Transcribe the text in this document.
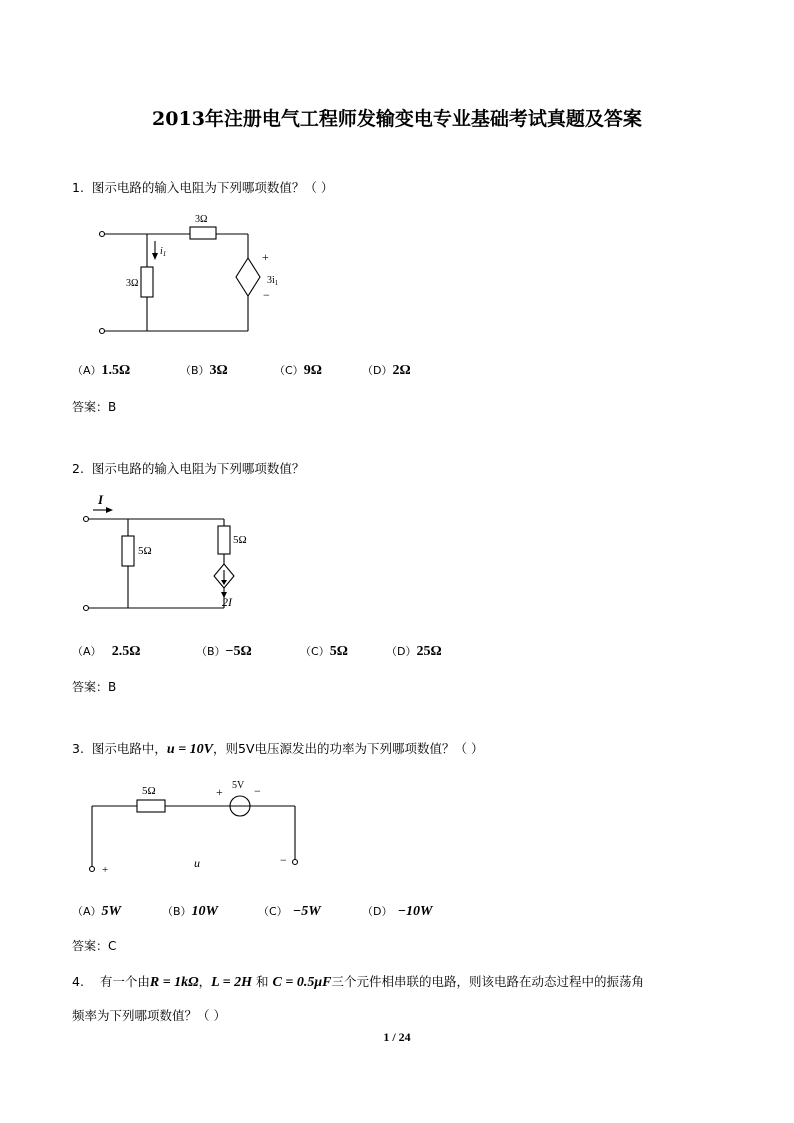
2013年注册电气工程师发输变电专业基础考试真题及答案
1. 图示电路的输入电阻为下列哪项数值？（ ）
3Ω
3Ω
$i_1$	+
$3i_1$
−
（A）1.5Ω	（B）3Ω	（C）9Ω	（D）2Ω
答案：B
2. 图示电路的输入电阻为下列哪项数值？
I
5Ω
5Ω
2I
（A） 2.5Ω	（B）−5Ω	（C）5Ω	（D）25Ω
答案：B
3. 图示电路中，u = 10V，则5V电压源发出的功率为下列哪项数值？（ ）
5Ω	5V
+	−
+	u	−
（A）5W	（B）10W	（C） −5W	（D） −10W
答案：C
4. 有一个由R = 1kΩ，L = 2H 和 C = 0.5μF三个元件相串联的电路，则该电路在动态过程中的振荡角
频率为下列哪项数值？（ ）
1 / 24
